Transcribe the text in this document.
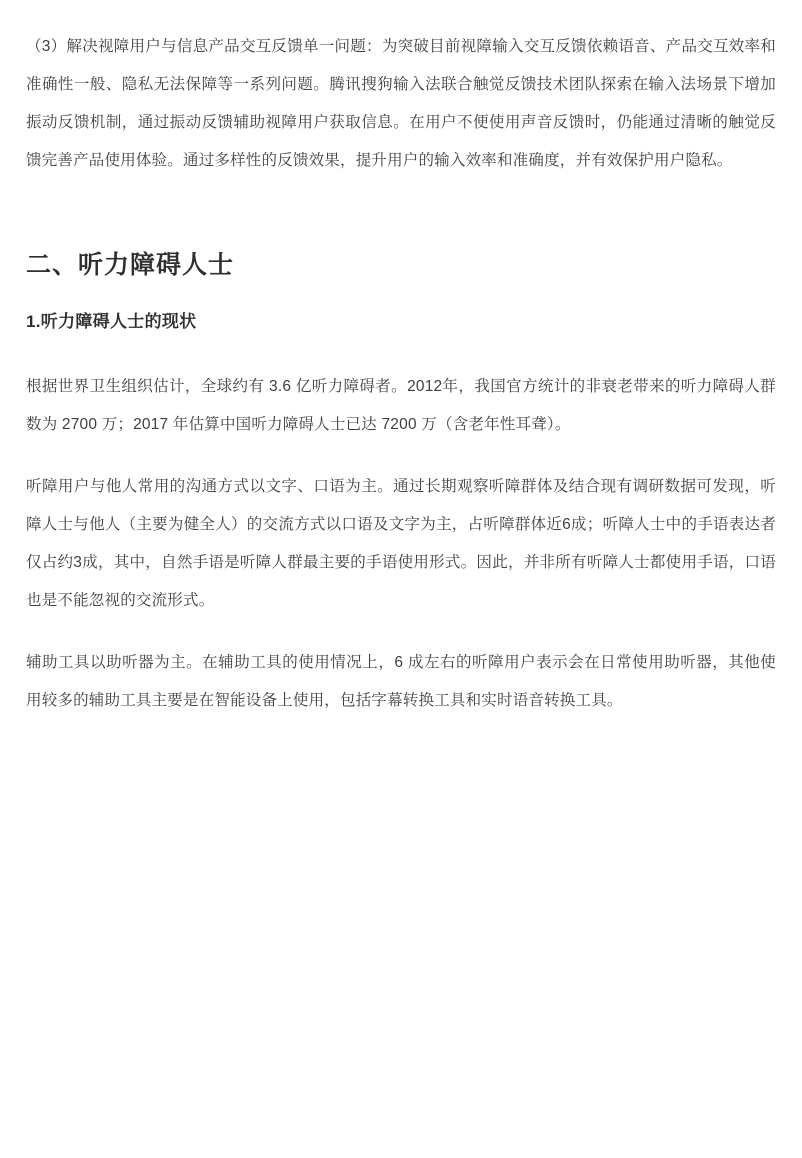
（3）解决视障用户与信息产品交互反馈单一问题：为突破目前视障输入交互反馈依赖语音、产品交互效率和准确性一般、隐私无法保障等一系列问题。腾讯搜狗输入法联合触觉反馈技术团队探索在输入法场景下增加振动反馈机制，通过振动反馈辅助视障用户获取信息。在用户不便使用声音反馈时，仍能通过清晰的触觉反馈完善产品使用体验。通过多样性的反馈效果，提升用户的输入效率和准确度，并有效保护用户隐私。

二、听力障碍人士
1.听力障碍人士的现状

根据世界卫生组织估计，全球约有 3.6 亿听力障碍者。2012年，我国官方统计的非衰老带来的听力障碍人群数为 2700 万；2017 年估算中国听力障碍人士已达 7200 万（含老年性耳聋）。

听障用户与他人常用的沟通方式以文字、口语为主。通过长期观察听障群体及结合现有调研数据可发现，听障人士与他人（主要为健全人）的交流方式以口语及文字为主，占听障群体近6成；听障人士中的手语表达者仅占约3成，其中，自然手语是听障人群最主要的手语使用形式。因此，并非所有听障人士都使用手语，口语也是不能忽视的交流形式。

辅助工具以助听器为主。在辅助工具的使用情况上，6 成左右的听障用户表示会在日常使用助听器，其他使用较多的辅助工具主要是在智能设备上使用，包括字幕转换工具和实时语音转换工具。
